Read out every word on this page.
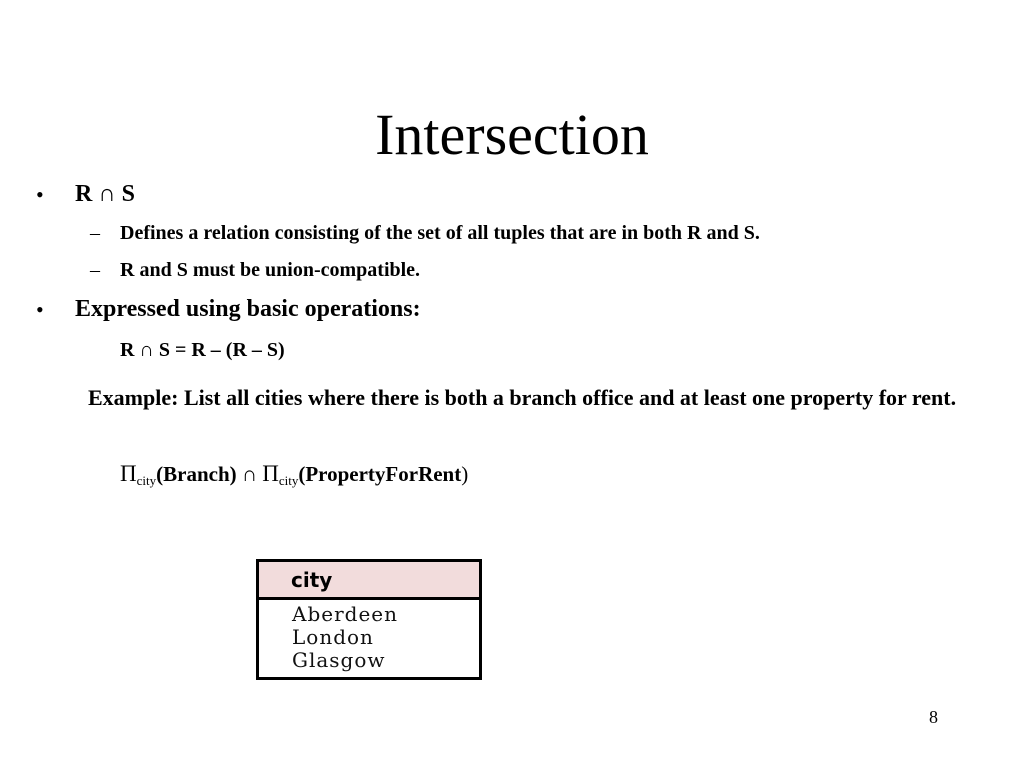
Intersection
• R ∩ S
– Defines a relation consisting of the set of all tuples that are in both R and S.
– R and S must be union-compatible.
• Expressed using basic operations:
R ∩ S = R – (R – S)
Example: List all cities where there is both a branch office and at least one property for rent.
$\Pi_{city}(Branch)$ ∩ $\Pi_{city}(PropertyForRent)$
city
Aberdeen
London
Glasgow
8
